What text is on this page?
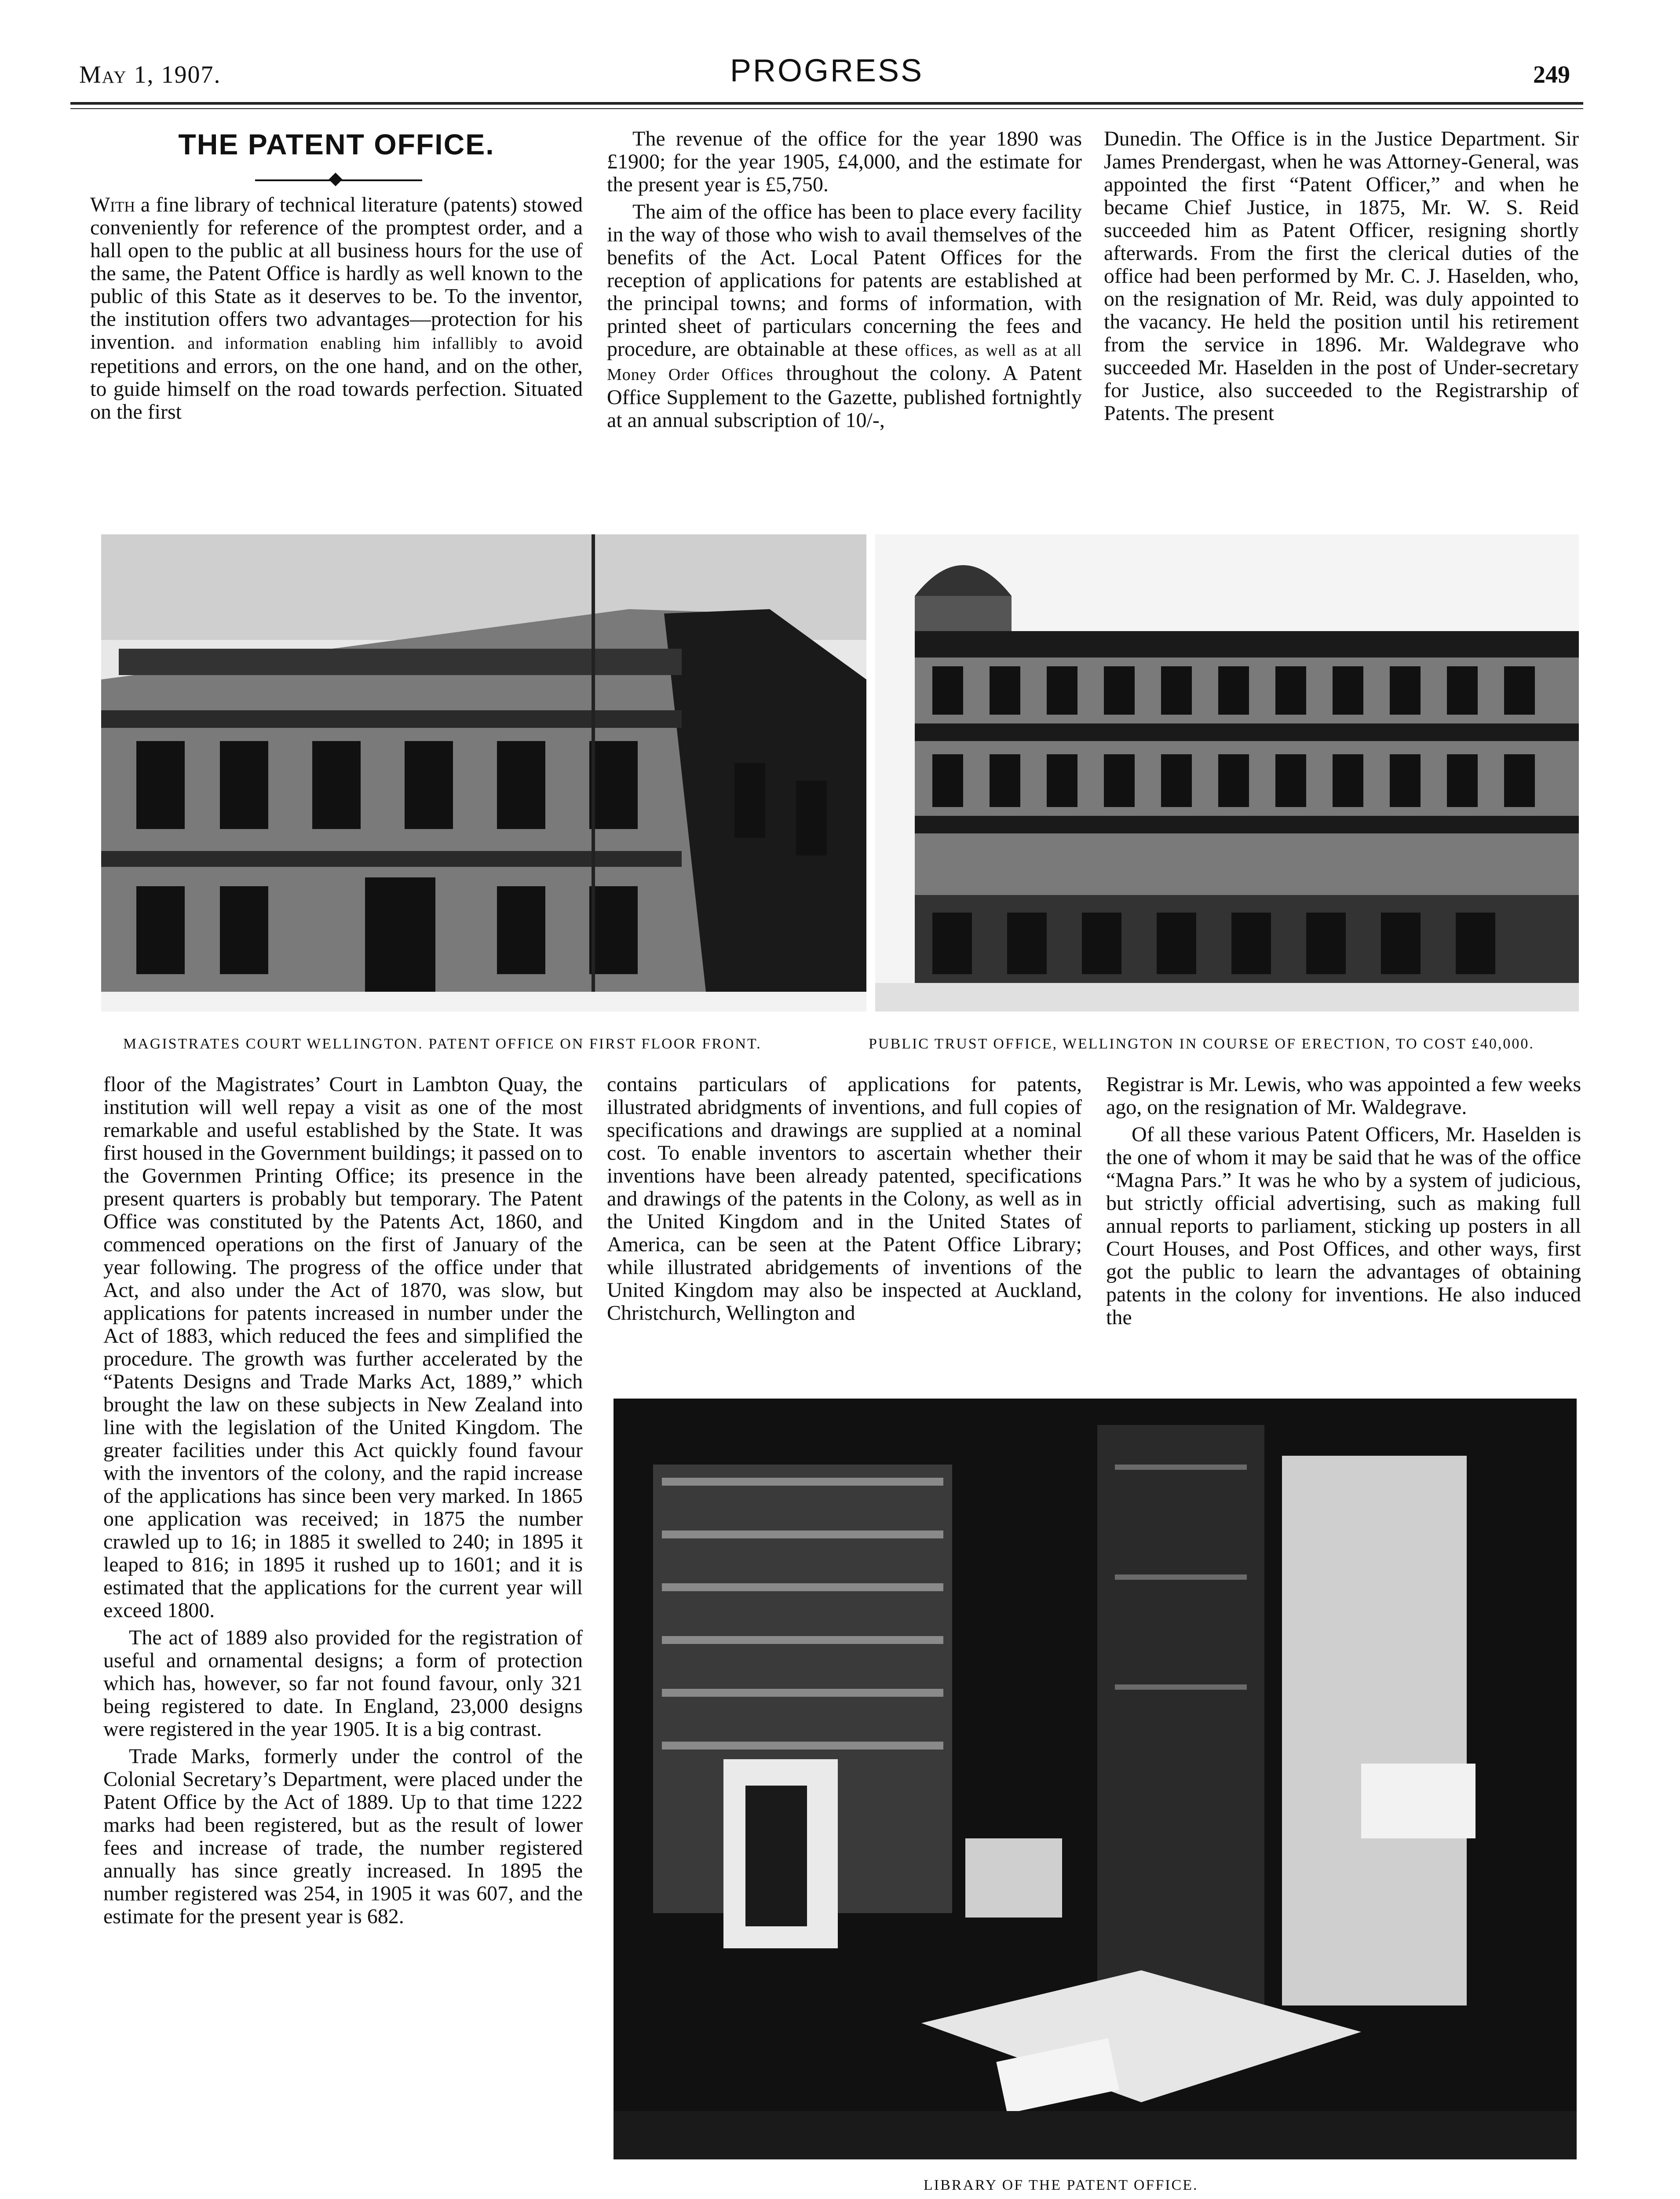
May 1, 1907.	PROGRESS	249
THE PATENT OFFICE.

With a fine library of technical literature (patents) stowed conveniently for reference of the promptest order, and a hall open to the public at all business hours for the use of the same, the Patent Office is hardly as well known to the public of this State as it deserves to be. To the inventor, the institution offers two advantages—protection for his invention. and information enabling him infallibly to avoid repetitions and errors, on the one hand, and on the other, to guide himself on the road towards perfection. Situated on the first

The revenue of the office for the year 1890 was £1900; for the year 1905, £4,000, and the estimate for the present year is £5,750.

The aim of the office has been to place every facility in the way of those who wish to avail themselves of the benefits of the Act. Local Patent Offices for the reception of applications for patents are established at the principal towns; and forms of information, with printed sheet of particulars concerning the fees and procedure, are obtainable at these offices, as well as at all Money Order Offices throughout the colony. A Patent Office Supplement to the Gazette, published fortnightly at an annual subscription of 10/-,

Dunedin. The Office is in the Justice Department. Sir James Prendergast, when he was Attorney-General, was appointed the first “Patent Officer,” and when he became Chief Justice, in 1875, Mr. W. S. Reid succeeded him as Patent Officer, resigning shortly afterwards. From the first the clerical duties of the office had been performed by Mr. C. J. Haselden, who, on the resignation of Mr. Reid, was duly appointed to the vacancy. He held the position until his retirement from the service in 1896. Mr. Waldegrave who succeeded Mr. Haselden in the post of Under-secretary for Justice, also succeeded to the Registrarship of Patents. The present

MAGISTRATES COURT WELLINGTON. PATENT OFFICE ON FIRST FLOOR FRONT.	PUBLIC TRUST OFFICE, WELLINGTON IN COURSE OF ERECTION, TO COST £40,000.

floor of the Magistrates’ Court in Lambton Quay, the institution will well repay a visit as one of the most remarkable and useful established by the State. It was first housed in the Government buildings; it passed on to the Governmen Printing Office; its presence in the present quarters is probably but temporary. The Patent Office was constituted by the Patents Act, 1860, and commenced operations on the first of January of the year following. The progress of the office under that Act, and also under the Act of 1870, was slow, but applications for patents increased in number under the Act of 1883, which reduced the fees and simplified the procedure. The growth was further accelerated by the “Patents Designs and Trade Marks Act, 1889,” which brought the law on these subjects in New Zealand into line with the legislation of the United Kingdom. The greater facilities under this Act quickly found favour with the inventors of the colony, and the rapid increase of the applications has since been very marked. In 1865 one application was received; in 1875 the number crawled up to 16; in 1885 it swelled to 240; in 1895 it leaped to 816; in 1895 it rushed up to 1601; and it is estimated that the applications for the current year will exceed 1800.

The act of 1889 also provided for the registration of useful and ornamental designs; a form of protection which has, however, so far not found favour, only 321 being registered to date. In England, 23,000 designs were registered in the year 1905. It is a big contrast.

Trade Marks, formerly under the control of the Colonial Secretary’s Department, were placed under the Patent Office by the Act of 1889. Up to that time 1222 marks had been registered, but as the result of lower fees and increase of trade, the number registered annually has since greatly increased. In 1895 the number registered was 254, in 1905 it was 607, and the estimate for the present year is 682.

contains particulars of applications for patents, illustrated abridgments of inventions, and full copies of specifications and drawings are supplied at a nominal cost. To enable inventors to ascertain whether their inventions have been already patented, specifications and drawings of the patents in the Colony, as well as in the United Kingdom and in the United States of America, can be seen at the Patent Office Library; while illustrated abridgements of inventions of the United Kingdom may also be inspected at Auckland, Christchurch, Wellington and

Registrar is Mr. Lewis, who was appointed a few weeks ago, on the resignation of Mr. Waldegrave.

Of all these various Patent Officers, Mr. Haselden is the one of whom it may be said that he was of the office “Magna Pars.” It was he who by a system of judicious, but strictly official advertising, such as making full annual reports to parliament, sticking up posters in all Court Houses, and Post Offices, and other ways, first got the public to learn the advantages of obtaining patents in the colony for inventions. He also induced the

LIBRARY OF THE PATENT OFFICE.
